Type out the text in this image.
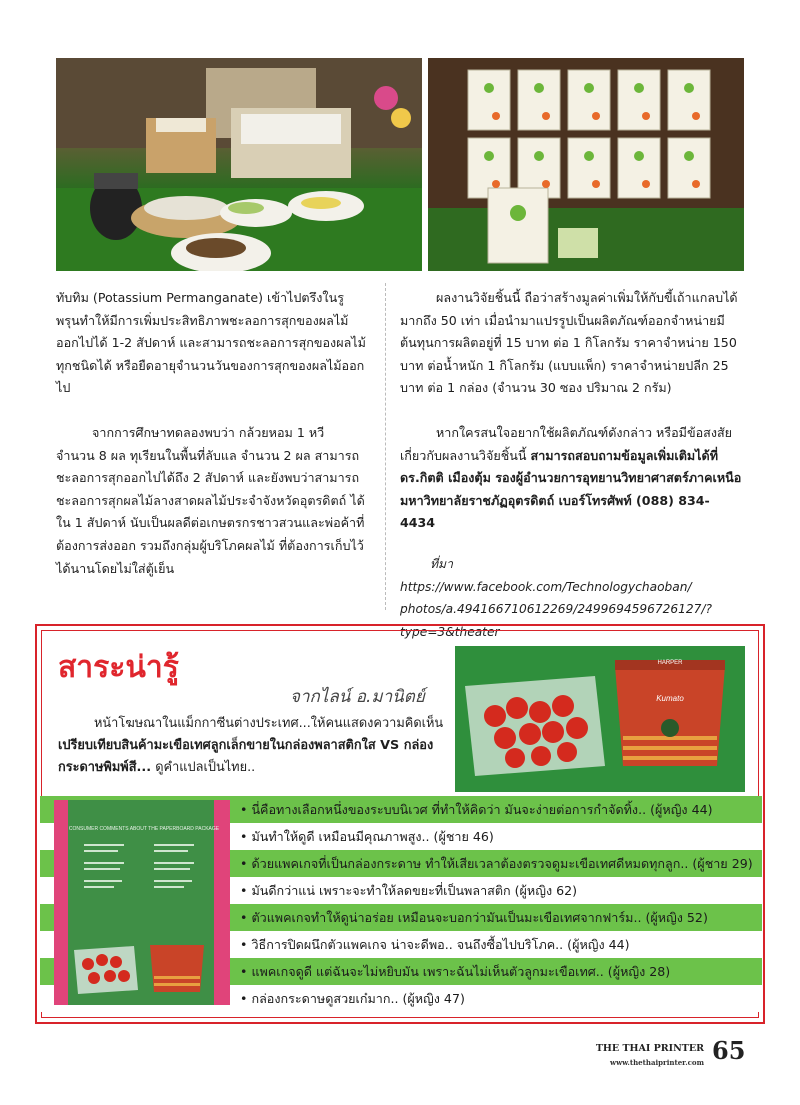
ทับทิม (Potassium Permanganate) เข้าไปตรึงในรูพรุนทำให้มีการเพิ่มประสิทธิภาพชะลอการสุกของผลไม้ออกไปได้ 1-2 สัปดาห์ และสามารถชะลอการสุกของผลไม้ทุกชนิดได้ หรือยืดอายุจำนวนวันของการสุกของผลไม้ออกไป

จากการศึกษาทดลองพบว่า กล้วยหอม 1 หวี จำนวน 8 ผล ทุเรียนในพื้นที่ลับแล จำนวน 2 ผล สามารถชะลอการสุกออกไปได้ถึง 2 สัปดาห์ และยังพบว่าสามารถชะลอการสุกผลไม้ลางสาดผลไม้ประจำจังหวัดอุตรดิตถ์ ได้ใน 1 สัปดาห์ นับเป็นผลดีต่อเกษตรกรชาวสวนและพ่อค้าที่ต้องการส่งออก รวมถึงกลุ่มผู้บริโภคผลไม้ ที่ต้องการเก็บไว้ได้นานโดยไม่ใส่ตู้เย็น

ผลงานวิจัยชิ้นนี้ ถือว่าสร้างมูลค่าเพิ่มให้กับขี้เถ้าแกลบได้มากถึง 50 เท่า เมื่อนำมาแปรรูปเป็นผลิตภัณฑ์ออกจำหน่ายมีต้นทุนการผลิตอยู่ที่ 15 บาท ต่อ 1 กิโลกรัม ราคาจำหน่าย 150 บาท ต่อน้ำหนัก 1 กิโลกรัม (แบบแพ็ก) ราคาจำหน่ายปลีก 25 บาท ต่อ 1 กล่อง (จำนวน 30 ซอง ปริมาณ 2 กรัม)

หากใครสนใจอยากใช้ผลิตภัณฑ์ดังกล่าว หรือมีข้อสงสัยเกี่ยวกับผลงานวิจัยชิ้นนี้ สามารถสอบถามข้อมูลเพิ่มเติมได้ที่ ดร.กิตติ เมืองตุ้ม รองผู้อำนวยการอุทยานวิทยาศาสตร์ภาคเหนือ มหาวิทยาลัยราชภัฏอุตรดิตถ์ เบอร์โทรศัพท์ (088) 834-4434

ที่มา https://www.facebook.com/Technologychaoban/

photos/a.494166710612269/2499694596726127/?type=3&theater

สาระน่ารู้
จากไลน์ อ.มานิตย์
หน้าโฆษณาในแม็กกาซีนต่างประเทศ...ให้คนแสดงความคิดเห็น เปรียบเทียบสินค้ามะเขือเทศลูกเล็กขายในกล่องพลาสติกใส VS กล่องกระดาษพิมพ์สี... ดูคำแปลเป็นไทย..
HARPER
Kumato
CONSUMER COMMENTS ABOUT THE PAPERBOARD PACKAGE
• นี่คือทางเลือกหนึ่งของระบบนิเวศ ที่ทำให้คิดว่า มันจะง่ายต่อการกำจัดทิ้ง.. (ผู้หญิง 44)
• มันทำให้ดูดี เหมือนมีคุณภาพสูง.. (ผู้ชาย 46)
• ด้วยแพคเกจที่เป็นกล่องกระดาษ ทำให้เสียเวลาต้องตรวจดูมะเขือเทศดีหมดทุกลูก.. (ผู้ชาย 29)
• มันดีกว่าแน่ เพราะจะทำให้ลดขยะที่เป็นพลาสติก (ผู้หญิง 62)
• ตัวแพคเกจทำให้ดูน่าอร่อย เหมือนจะบอกว่ามันเป็นมะเขือเทศจากฟาร์ม.. (ผู้หญิง 52)
• วิธีการปิดผนึกตัวแพคเกจ น่าจะดีพอ.. จนถึงซื้อไปบริโภค.. (ผู้หญิง 44)
• แพคเกจดูดี แต่ฉันจะไม่หยิบมัน เพราะฉันไม่เห็นตัวลูกมะเขือเทศ.. (ผู้หญิง 28)
• กล่องกระดาษดูสวยเก๋มาก.. (ผู้หญิง 47)
THE THAI PRINTER
www.thethaiprinter.com 65
